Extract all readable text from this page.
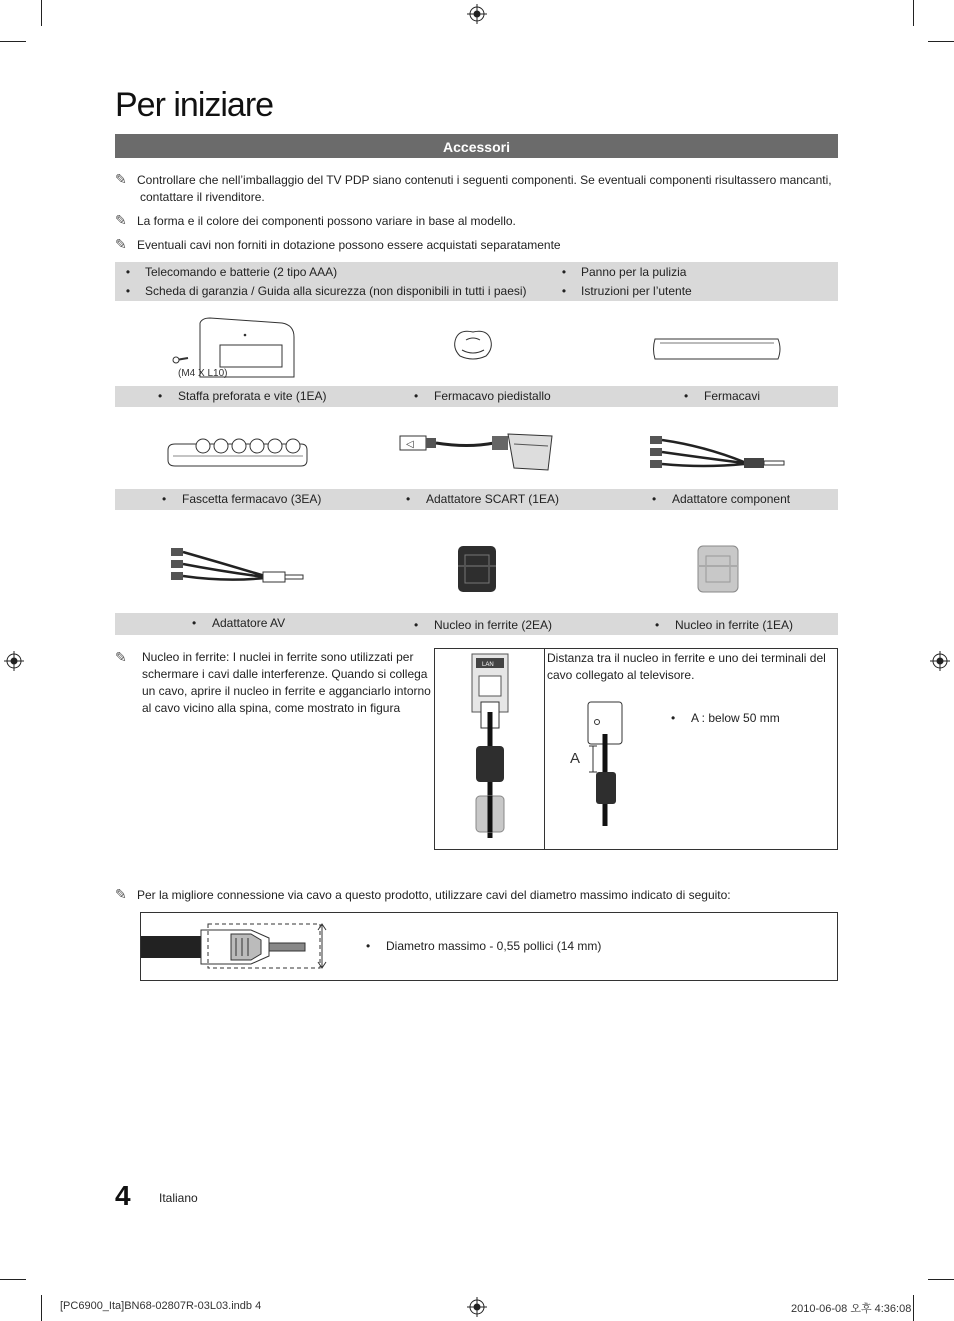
Per iniziare
Accessori
✎ Controllare che nell’imballaggio del TV PDP siano contenuti i seguenti componenti. Se eventuali componenti risultassero mancanti,
contattare il rivenditore.
✎ La forma e il colore dei componenti possono variare in base al modello.
✎ Eventuali cavi non forniti in dotazione possono essere acquistati separatamente
• Telecomando e batterie (2 tipo AAA)
• Scheda di garanzia / Guida alla sicurezza (non disponibili in tutti i paesi)
• Panno per la pulizia
• Istruzioni per l’utente
(M4 X L10)
• Staffa preforata e vite (1EA)	• Fermacavo piedistallo	• Fermacavi
◁
• Fascetta fermacavo (3EA)	• Adattatore SCART (1EA)	• Adattatore component
• Adattatore AV	• Nucleo in ferrite (2EA)	• Nucleo in ferrite (1EA)
✎	Nucleo in ferrite: I nuclei in ferrite sono utilizzati per
schermare i cavi dalle interferenze. Quando si collega
un cavo, aprire il nucleo in ferrite e agganciarlo intorno
al cavo vicino alla spina, come mostrato in figura
LAN	Distanza tra il nucleo in ferrite e uno dei terminali del
cavo collegato al televisore.
A
• A : below 50 mm
✎ Per la migliore connessione via cavo a questo prodotto, utilizzare cavi del diametro massimo indicato di seguito:
• Diametro massimo - 0,55 pollici (14 mm)
4 Italiano
[PC6900_Ita]BN68-02807R-03L03.indb 4	2010-06-08 오후 4:36:08
